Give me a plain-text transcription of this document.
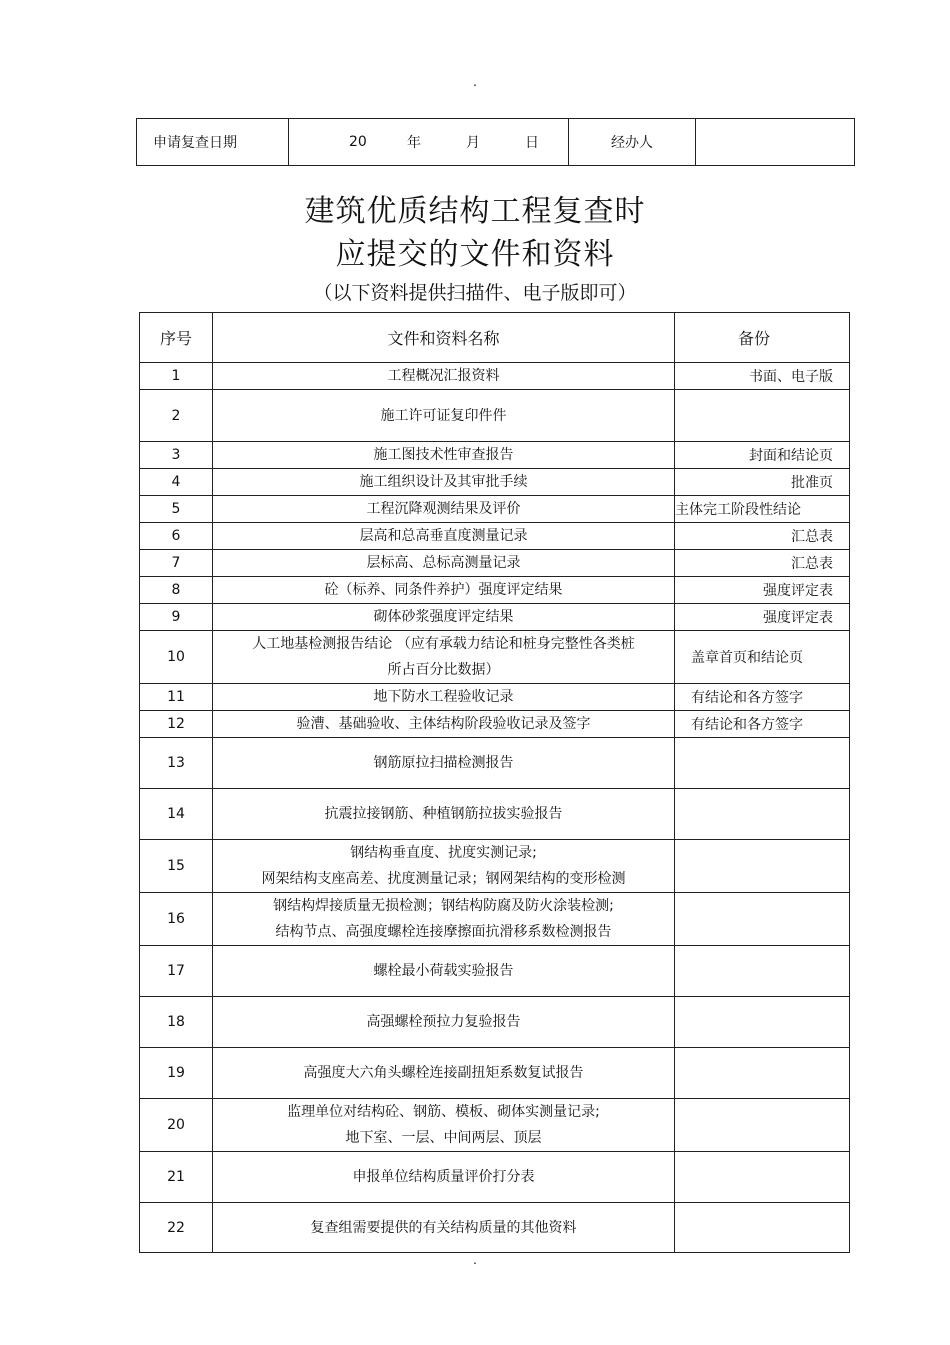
.
申请复查日期	20	年	月	日	经办人	
建筑优质结构工程复查时
应提交的文件和资料
（以下资料提供扫描件、电子版即可）
序号	文件和资料名称	备份
1	工程概况汇报资料	书面、电子版
2	施工许可证复印件件	

3	施工图技术性审查报告	封面和结论页
4	施工组织设计及其审批手续	批准页
5	工程沉降观测结果及评价	主体完工阶段性结论
6	层高和总高垂直度测量记录	汇总表
7	层标高、总标高测量记录	汇总表
8	砼（标养、同条件养护）强度评定结果	强度评定表
9	砌体砂浆强度评定结果	强度评定表
10	人工地基检测报告结论 （应有承载力结论和桩身完整性各类桩
所占百分比数据）	盖章首页和结论页
11	地下防水工程验收记录	有结论和各方签字
12	验漕、基础验收、主体结构阶段验收记录及签字	有结论和各方签字
13	钢筋原拉扫描检测报告	

14	抗震拉接钢筋、种植钢筋拉拔实验报告	

15	钢结构垂直度、扰度实测记录;
网架结构支座高差、扰度测量记录；钢网架结构的变形检测	

16	钢结构焊接质量无损检测；钢结构防腐及防火涂装检测;
结构节点、高强度螺栓连接摩擦面抗滑移系数检测报告	

17	螺栓最小荷载实验报告	

18	高强螺栓预拉力复验报告	

19	高强度大六角头螺栓连接副扭矩系数复试报告	

20	监理单位对结构砼、钢筋、模板、砌体实测量记录;
地下室、一层、中间两层、顶层	

21	申报单位结构质量评价打分表	

22	复查组需要提供的有关结构质量的其他资料	

.
